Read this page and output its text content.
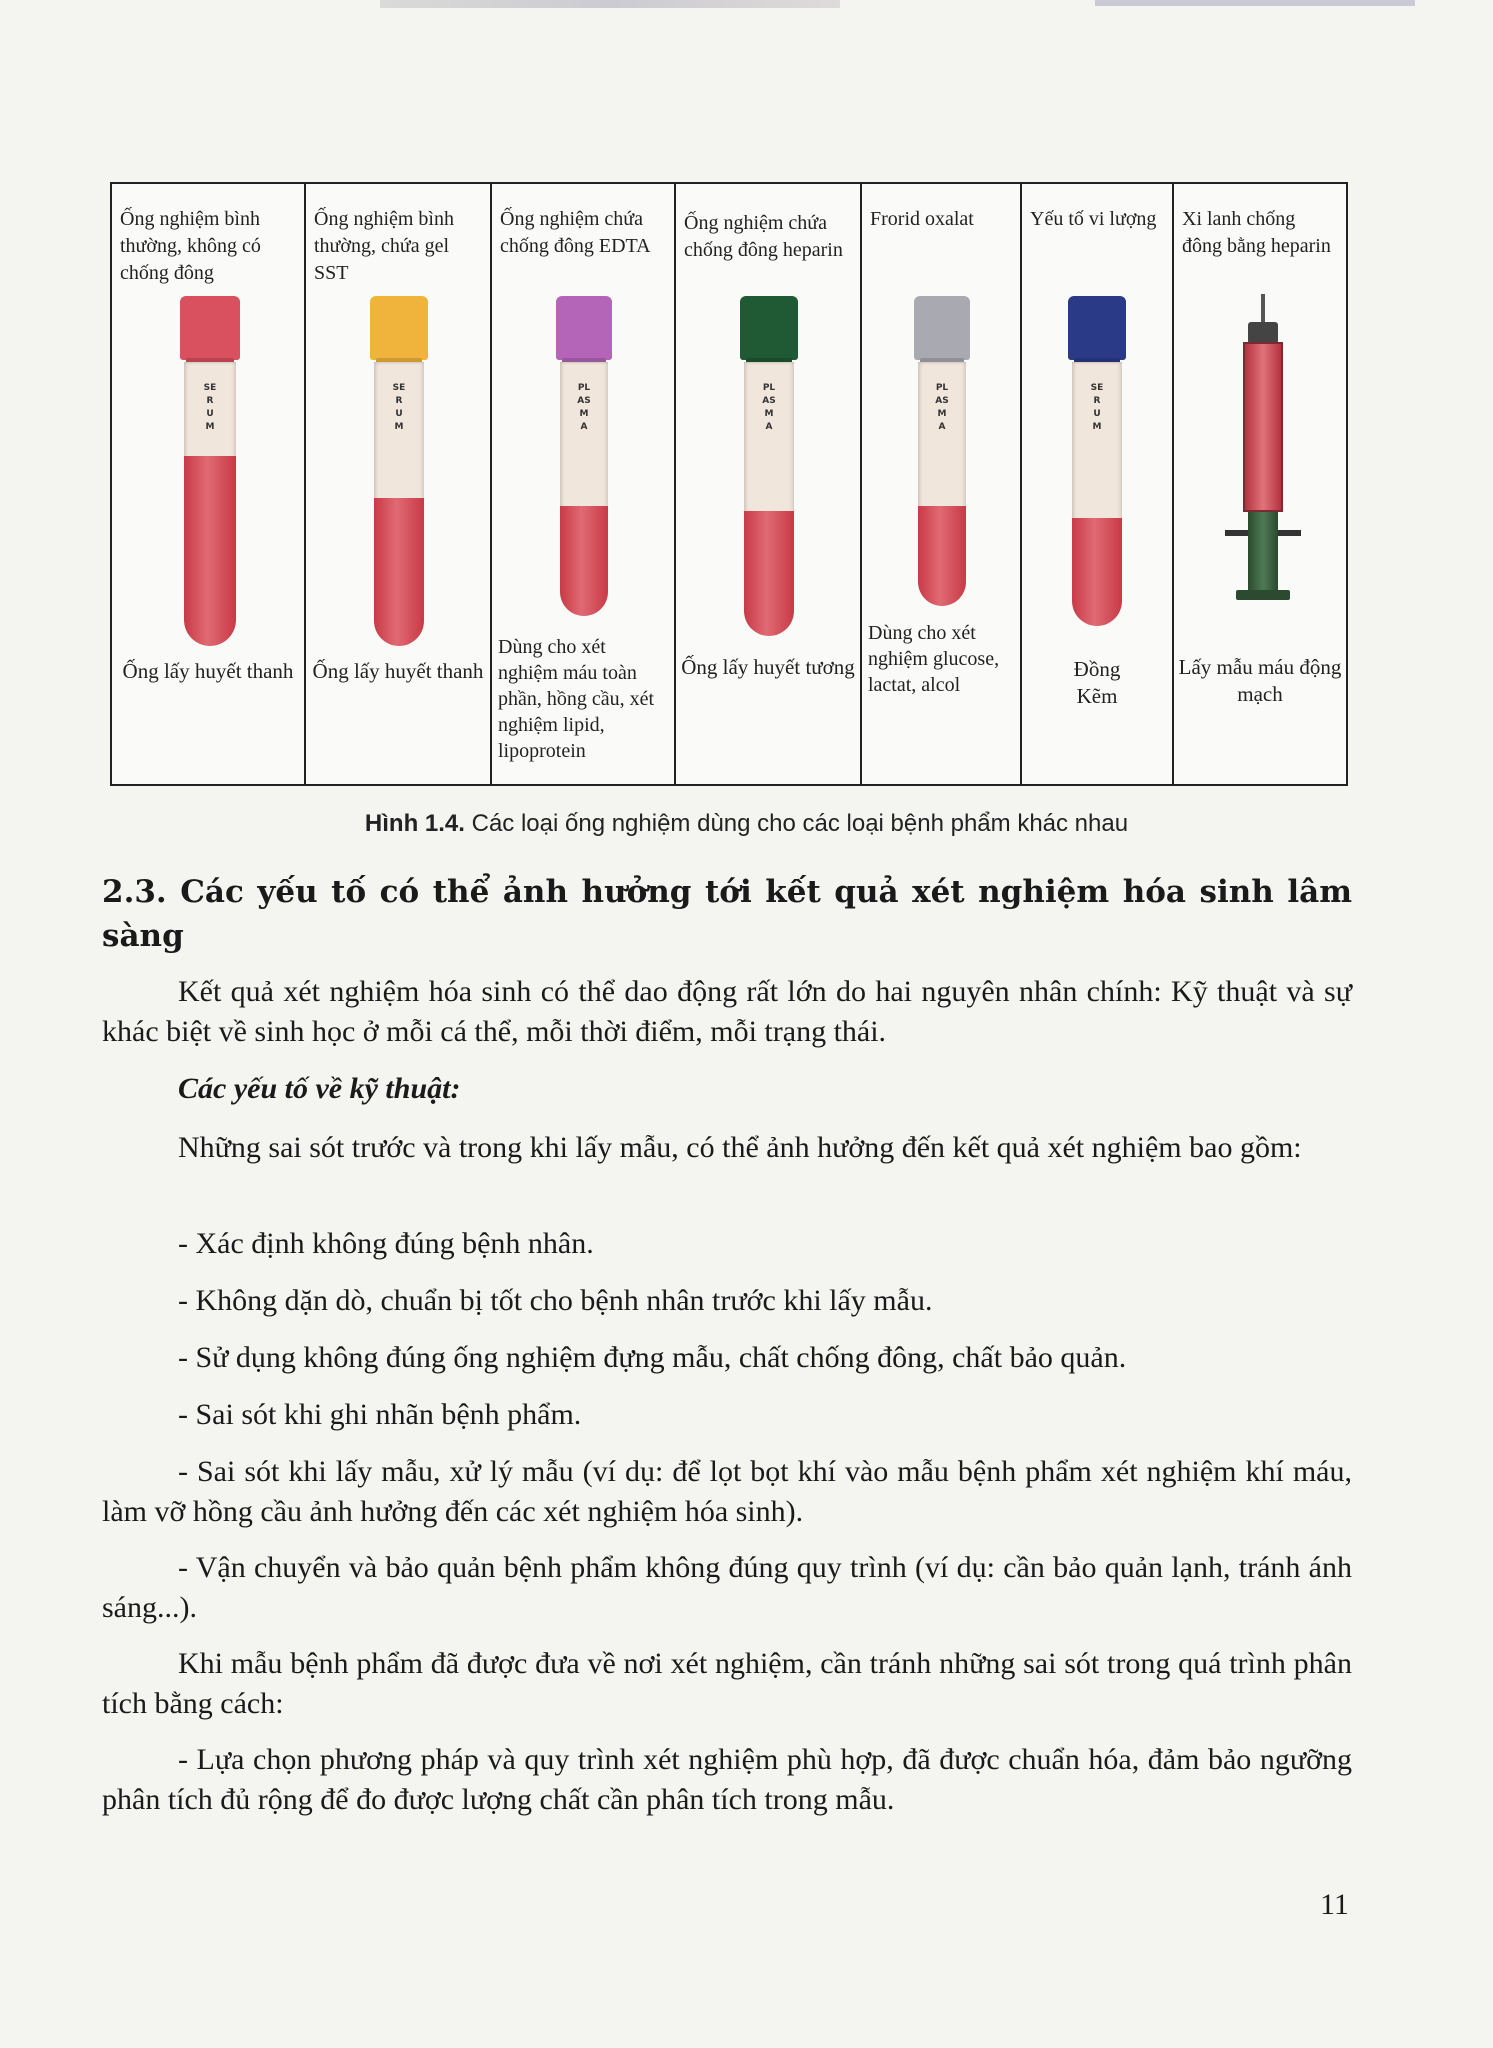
Ống nghiệm bình thường, không có chống đông
SERUM
Ống lấy huyết thanh
Ống nghiệm bình thường, chứa gel SST
SERUM
Ống lấy huyết thanh
Ống nghiệm chứa chống đông EDTA
PLASMA
Dùng cho xét nghiệm máu toàn phần, hồng cầu, xét nghiệm lipid, lipoprotein
Ống nghiệm chứa chống đông heparin
PLASMA
Ống lấy huyết tương
Frorid oxalat
PLASMA
Dùng cho xét nghiệm glucose, lactat, alcol
Yếu tố vi lượng
SERUM
Đồng Kẽm
Xi lanh chống đông bằng heparin
Lấy mẫu máu động mạch
Hình 1.4. Các loại ống nghiệm dùng cho các loại bệnh phẩm khác nhau
2.3. Các yếu tố có thể ảnh hưởng tới kết quả xét nghiệm hóa sinh lâm sàng
Kết quả xét nghiệm hóa sinh có thể dao động rất lớn do hai nguyên nhân chính: Kỹ thuật và sự khác biệt về sinh học ở mỗi cá thể, mỗi thời điểm, mỗi trạng thái.
Các yếu tố về kỹ thuật:
Những sai sót trước và trong khi lấy mẫu, có thể ảnh hưởng đến kết quả xét nghiệm bao gồm:
- Xác định không đúng bệnh nhân.
- Không dặn dò, chuẩn bị tốt cho bệnh nhân trước khi lấy mẫu.
- Sử dụng không đúng ống nghiệm đựng mẫu, chất chống đông, chất bảo quản.
- Sai sót khi ghi nhãn bệnh phẩm.
- Sai sót khi lấy mẫu, xử lý mẫu (ví dụ: để lọt bọt khí vào mẫu bệnh phẩm xét nghiệm khí máu, làm vỡ hồng cầu ảnh hưởng đến các xét nghiệm hóa sinh).
- Vận chuyển và bảo quản bệnh phẩm không đúng quy trình (ví dụ: cần bảo quản lạnh, tránh ánh sáng...).
Khi mẫu bệnh phẩm đã được đưa về nơi xét nghiệm, cần tránh những sai sót trong quá trình phân tích bằng cách:
- Lựa chọn phương pháp và quy trình xét nghiệm phù hợp, đã được chuẩn hóa, đảm bảo ngưỡng phân tích đủ rộng để đo được lượng chất cần phân tích trong mẫu.
11
